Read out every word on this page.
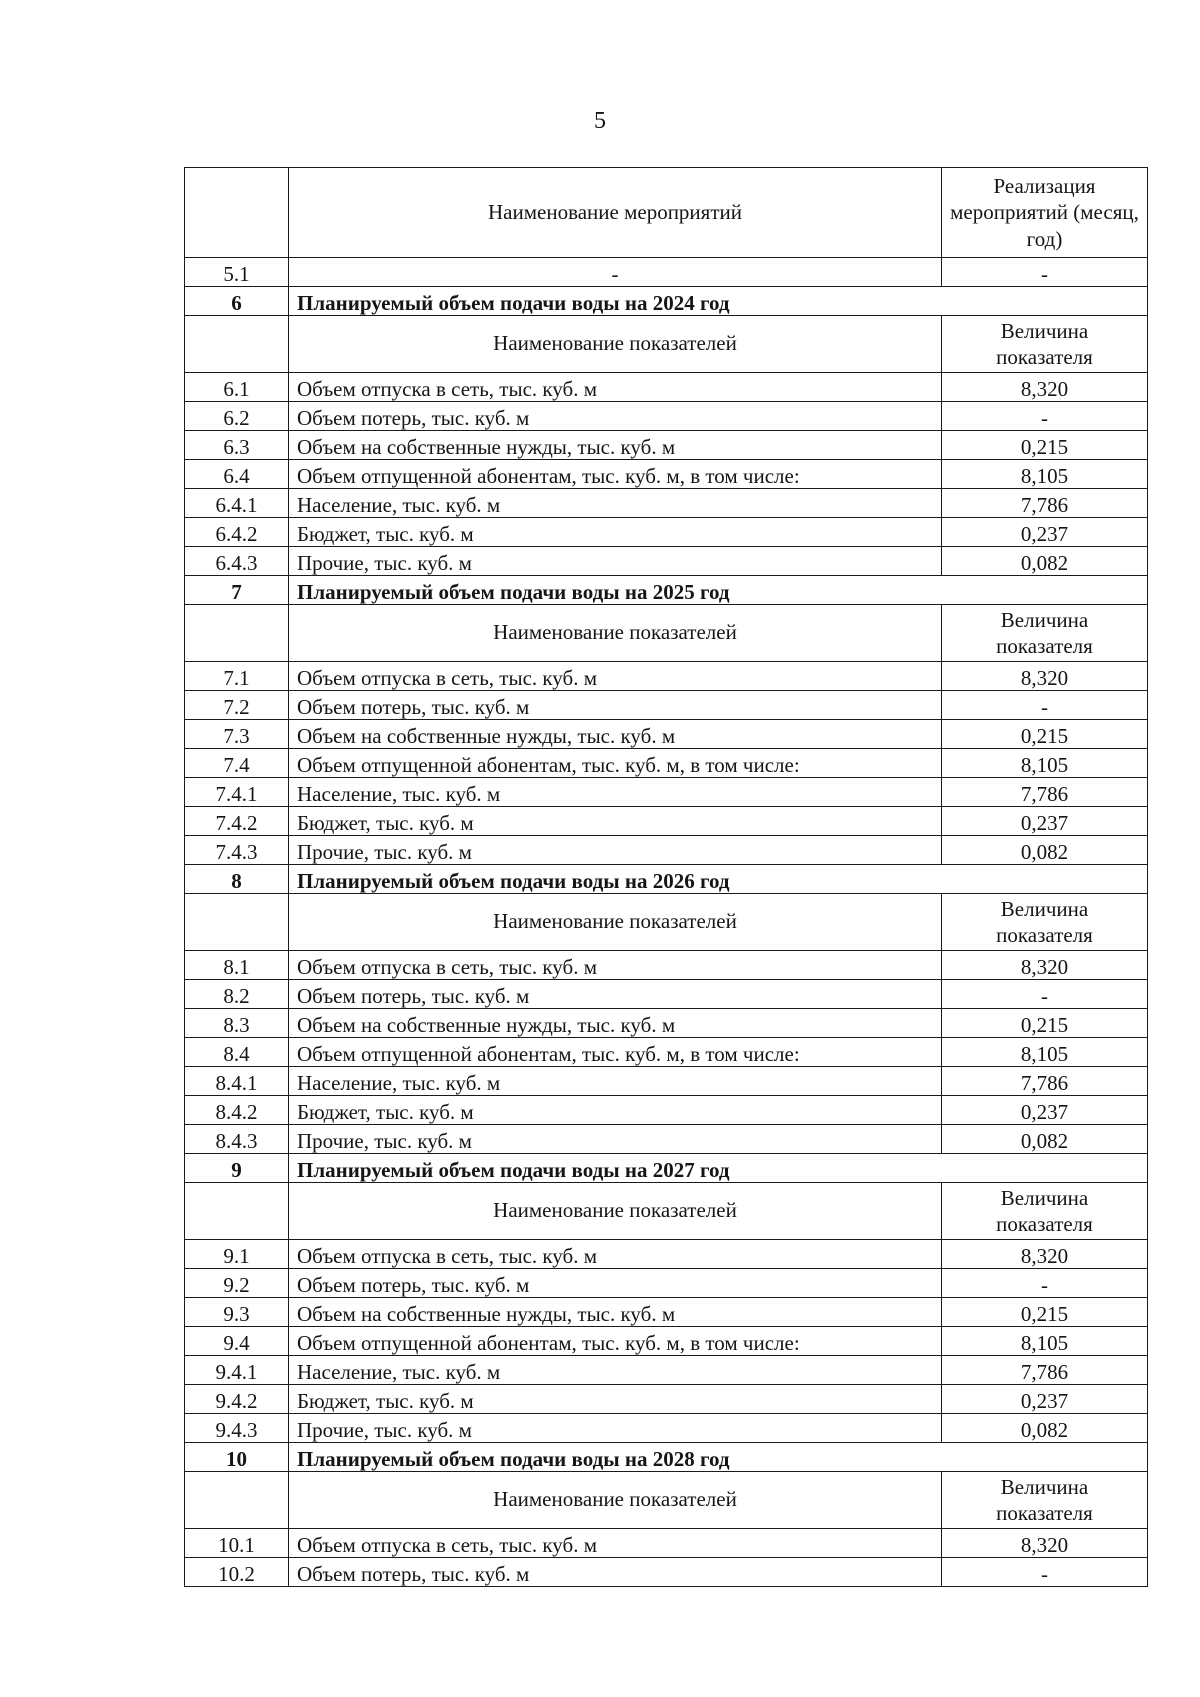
5
	Наименование мероприятий	Реализация мероприятий (месяц, год)
5.1	-	-
6	Планируемый объем подачи воды на 2024 год	
	Наименование показателей	Величина показателя
6.1	Объем отпуска в сеть, тыс. куб. м	8,320
6.2	Объем потерь, тыс. куб. м	-
6.3	Объем на собственные нужды, тыс. куб. м	0,215
6.4	Объем отпущенной абонентам, тыс. куб. м, в том числе:	8,105
6.4.1	Население, тыс. куб. м	7,786
6.4.2	Бюджет, тыс. куб. м	0,237
6.4.3	Прочие, тыс. куб. м	0,082
7	Планируемый объем подачи воды на 2025 год	
	Наименование показателей	Величина показателя
7.1	Объем отпуска в сеть, тыс. куб. м	8,320
7.2	Объем потерь, тыс. куб. м	-
7.3	Объем на собственные нужды, тыс. куб. м	0,215
7.4	Объем отпущенной абонентам, тыс. куб. м, в том числе:	8,105
7.4.1	Население, тыс. куб. м	7,786
7.4.2	Бюджет, тыс. куб. м	0,237
7.4.3	Прочие, тыс. куб. м	0,082
8	Планируемый объем подачи воды на 2026 год	
	Наименование показателей	Величина показателя
8.1	Объем отпуска в сеть, тыс. куб. м	8,320
8.2	Объем потерь, тыс. куб. м	-
8.3	Объем на собственные нужды, тыс. куб. м	0,215
8.4	Объем отпущенной абонентам, тыс. куб. м, в том числе:	8,105
8.4.1	Население, тыс. куб. м	7,786
8.4.2	Бюджет, тыс. куб. м	0,237
8.4.3	Прочие, тыс. куб. м	0,082
9	Планируемый объем подачи воды на 2027 год	
	Наименование показателей	Величина показателя
9.1	Объем отпуска в сеть, тыс. куб. м	8,320
9.2	Объем потерь, тыс. куб. м	-
9.3	Объем на собственные нужды, тыс. куб. м	0,215
9.4	Объем отпущенной абонентам, тыс. куб. м, в том числе:	8,105
9.4.1	Население, тыс. куб. м	7,786
9.4.2	Бюджет, тыс. куб. м	0,237
9.4.3	Прочие, тыс. куб. м	0,082
10	Планируемый объем подачи воды на 2028 год	
	Наименование показателей	Величина показателя
10.1	Объем отпуска в сеть, тыс. куб. м	8,320
10.2	Объем потерь, тыс. куб. м	-
